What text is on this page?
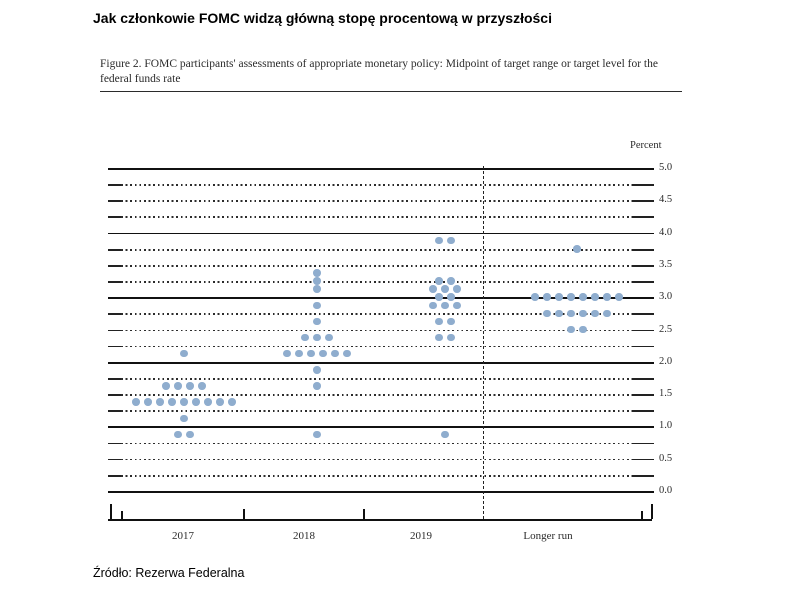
Jak członkowie FOMC widzą główną stopę procentową w przyszłości
Figure 2. FOMC participants' assessments of appropriate monetary policy: Midpoint of target range or target level for the federal funds rate
Percent
5.0
4.5
4.0
3.5
3.0
2.5
2.0
1.5
1.0
0.5
0.0
2017	2018	2019	Longer run
Źródło: Rezerwa Federalna
